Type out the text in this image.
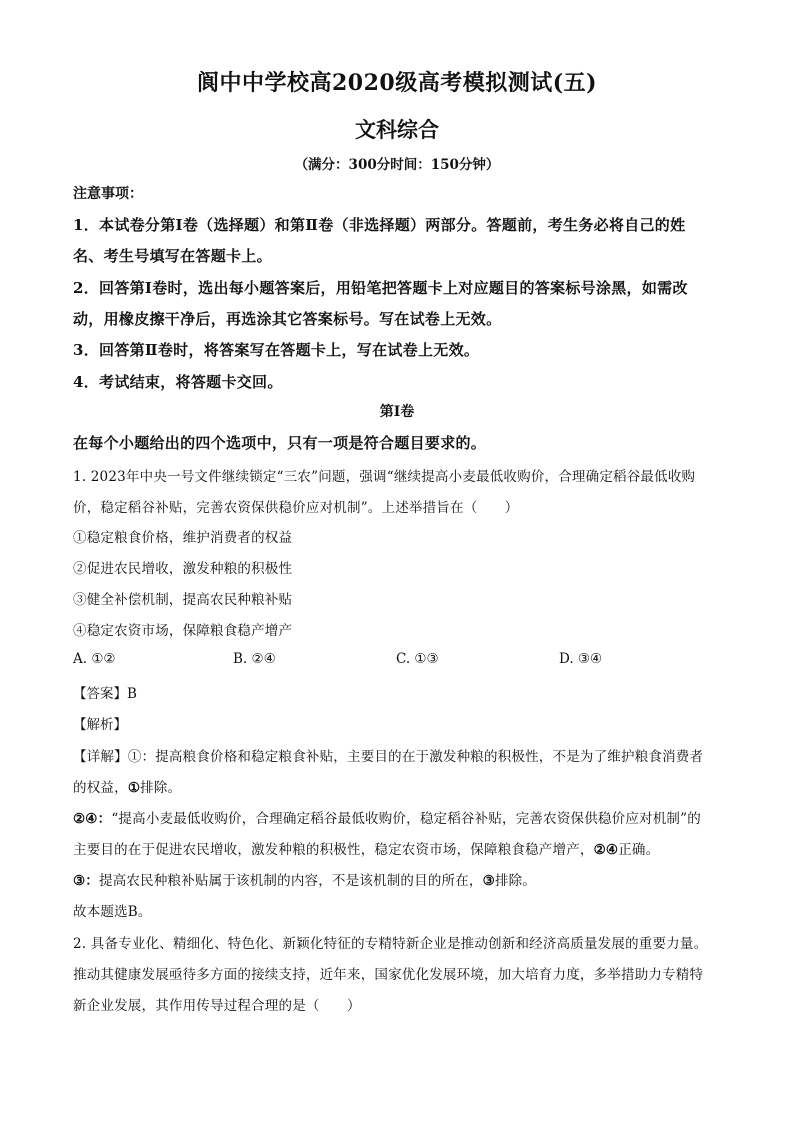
阆中中学校高2020级高考模拟测试(五)
文科综合
（满分：300分时间：150分钟）
注意事项：
1．本试卷分第Ⅰ卷（选择题）和第Ⅱ卷（非选择题）两部分。答题前，考生务必将自己的姓
名、考生号填写在答题卡上。
2．回答第Ⅰ卷时，选出每小题答案后，用铅笔把答题卡上对应题目的答案标号涂黑，如需改
动，用橡皮擦干净后，再选涂其它答案标号。写在试卷上无效。
3．回答第Ⅱ卷时，将答案写在答题卡上，写在试卷上无效。
4．考试结束，将答题卡交回。
第Ⅰ卷
在每个小题给出的四个选项中，只有一项是符合题目要求的。
1. 2023年中央一号文件继续锁定“三农”问题，强调“继续提高小麦最低收购价，合理确定稻谷最低收购
价，稳定稻谷补贴，完善农资保供稳价应对机制”。上述举措旨在（　　）
①稳定粮食价格，维护消费者的权益
②促进农民增收，激发种粮的积极性
③健全补偿机制，提高农民种粮补贴
④稳定农资市场，保障粮食稳产增产
A. ①②	B. ②④	C. ①③	D. ③④
【答案】B
【解析】
【详解】①：提高粮食价格和稳定粮食补贴，主要目的在于激发种粮的积极性，不是为了维护粮食消费者
的权益，①排除。
②④：“提高小麦最低收购价，合理确定稻谷最低收购价，稳定稻谷补贴，完善农资保供稳价应对机制”的
主要目的在于促进农民增收，激发种粮的积极性，稳定农资市场，保障粮食稳产增产，②④正确。
③：提高农民种粮补贴属于该机制的内容，不是该机制的目的所在，③排除。
故本题选B。
2. 具备专业化、精细化、特色化、新颖化特征的专精特新企业是推动创新和经济高质量发展的重要力量。
推动其健康发展亟待多方面的接续支持，近年来，国家优化发展环境，加大培育力度，多举措助力专精特
新企业发展，其作用传导过程合理的是（　　）
